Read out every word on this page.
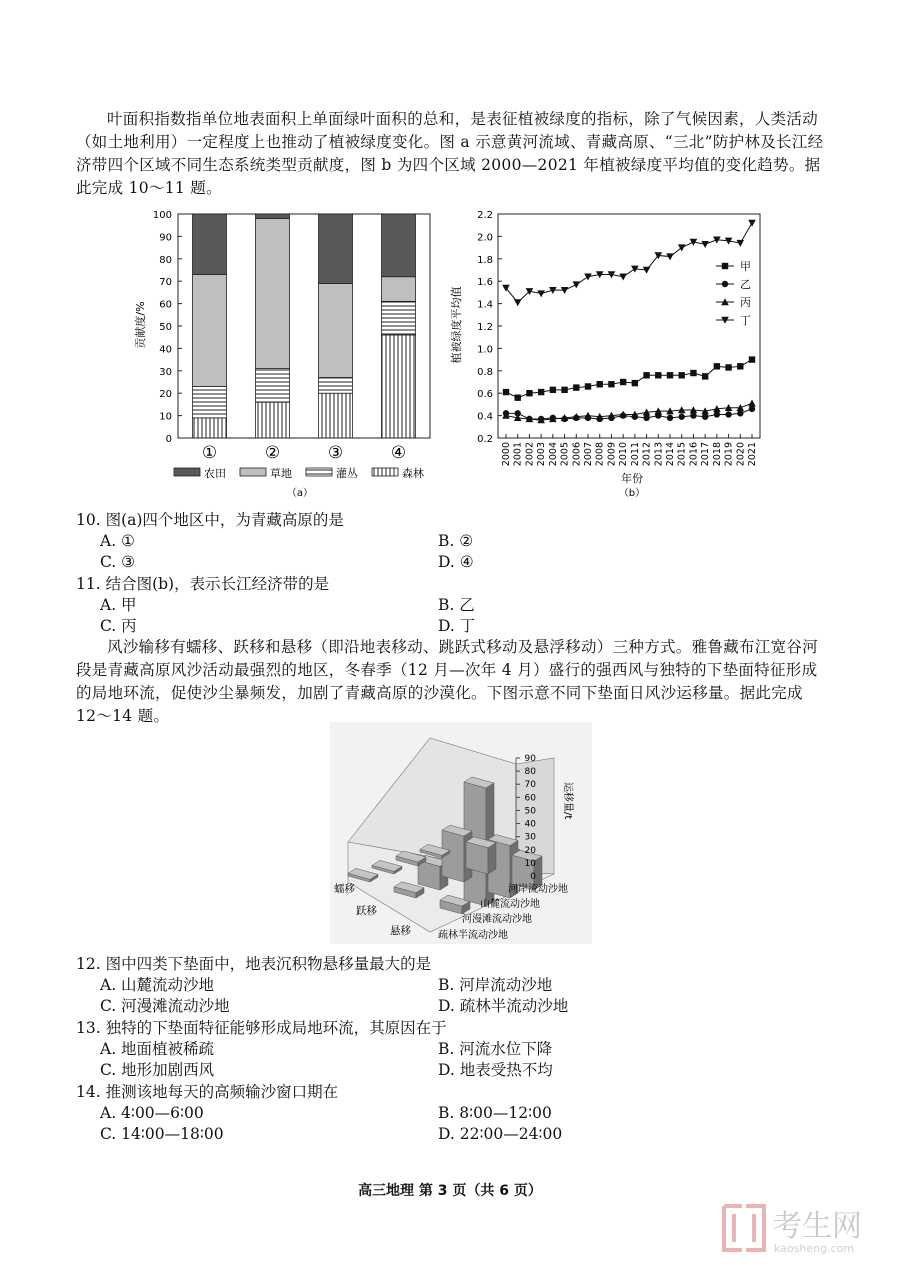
叶面积指数指单位地表面积上单面绿叶面积的总和，是表征植被绿度的指标，除了气候因素，人类活动（如土地利用）一定程度上也推动了植被绿度变化。图 a 示意黄河流域、青藏高原、“三北”防护林及长江经济带四个区域不同生态系统类型贡献度，图 b 为四个区域 2000—2021 年植被绿度平均值的变化趋势。据此完成 10～11 题。

0
10
20
30
40
50
60
70
80
90
100
①	②	③	④
贡献度/%
农田	草地	灌丛	森林
（a）
0.2
0.4
0.6
0.8
1.0
1.2
1.4
1.6
1.8
2.0
2.2
2000 2001 2002 2003 2004 2005 2006 2007 2008 2009 2010 2011 2012 2013 2014 2015 2016 2017 2018 2019 2020 2021
植被绿度平均值
年份
（b）
甲
乙
丙
丁

10. 图(a)四个地区中，为青藏高原的是

A. ①	B. ②

C. ③	D. ④

11. 结合图(b)，表示长江经济带的是

A. 甲	B. 乙

C. 丙	D. 丁

风沙输移有蠕移、跃移和悬移（即沿地表移动、跳跃式移动及悬浮移动）三种方式。雅鲁藏布江宽谷河段是青藏高原风沙活动最强烈的地区，冬春季（12 月—次年 4 月）盛行的强西风与独特的下垫面特征形成的局地环流，促使沙尘暴频发，加剧了青藏高原的沙漠化。下图示意不同下垫面日风沙运移量。据此完成 12～14 题。

0
10
20
30
40
50
60
70
80
90
蠕移
跃移
悬移	疏林半流动沙地
河漫滩流动沙地
山麓流动沙地
河岸流动沙地
运移量/t

12. 图中四类下垫面中，地表沉积物悬移量最大的是

A. 山麓流动沙地	B. 河岸流动沙地

C. 河漫滩流动沙地	D. 疏林半流动沙地

13. 独特的下垫面特征能够形成局地环流，其原因在于

A. 地面植被稀疏	B. 河流水位下降

C. 地形加剧西风	D. 地表受热不均

14. 推测该地每天的高频输沙窗口期在

A. 4∶00—6∶00	B. 8∶00—12∶00

C. 14∶00—18∶00	D. 22∶00—24∶00

高三地理 第 3 页（共 6 页）
考生网
kaosheng.com
